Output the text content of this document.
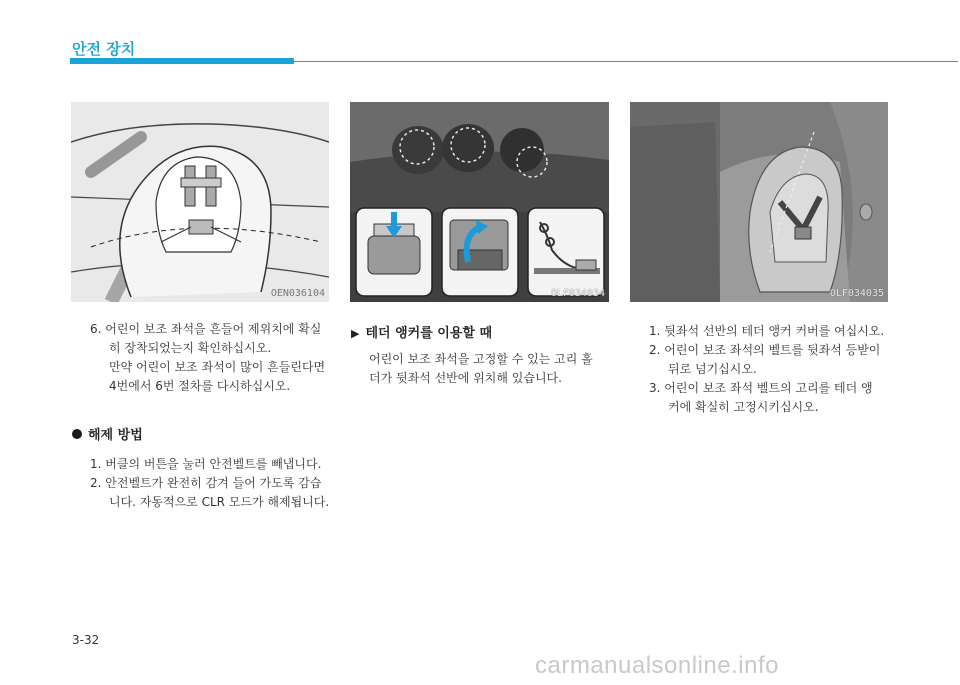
안전 장치
OEN036104	OLF034034	OLF034035

6. 어린이 보조 좌석을 흔들어 제위치에 확실

히 장착되었는지 확인하십시오.

만약 어린이 보조 좌석이 많이 흔들린다면

4번에서 6번 절차를 다시하십시오.

해제 방법

1. 버클의 버튼을 눌러 안전벨트를 빼냅니다.

2. 안전벨트가 완전히 감겨 들어 가도록 감습

니다. 자동적으로 CLR 모드가 해제됩니다.

▶ 테더 앵커를 이용할 때

어린이 보조 좌석을 고정할 수 있는 고리 홀

더가 뒷좌석 선반에 위치해 있습니다.

1. 뒷좌석 선반의 테더 앵커 커버를 여십시오.

2. 어린이 보조 좌석의 벨트를 뒷좌석 등받이

뒤로 넘기십시오.

3. 어린이 보조 좌석 벨트의 고리를 테더 앵

커에 확실히 고정시키십시오.

3-32
carmanualsonline.info
